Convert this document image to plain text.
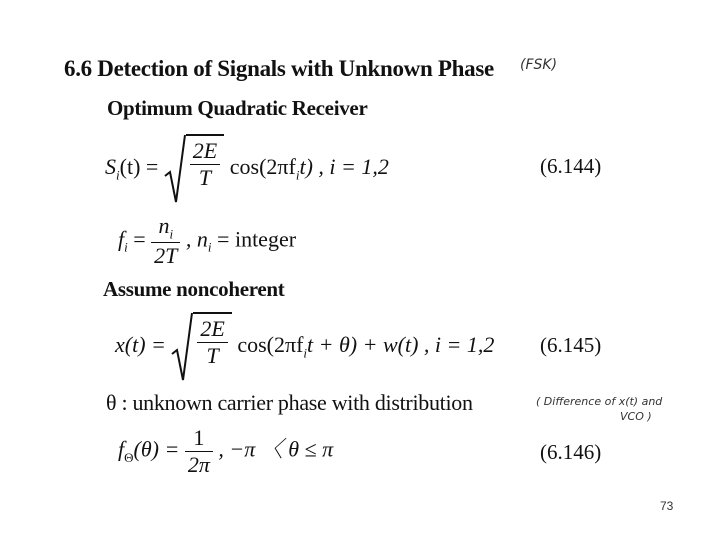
6.6 Detection of Signals with Unknown Phase (FSK)
Optimum Quadratic Receiver
$S_i(t) = \frac{2E}{T} \cos(2\pi f_it)$ , i = 1,2	(6.144)
$f_i = \frac{n_i}{2T}$ , $n_i$ = integer
Assume noncoherent
$x(t) = \frac{2E}{T} \cos(2\pi f_it + \theta) + w(t)$ , i = 1,2 (6.145)
θ : unknown carrier phase with distribution	( Difference of x(t) and
VCO )
$f_\Theta(\theta) = \frac{1}{2\pi}$ , −π 〈 θ ≤ π	(6.146)
73
